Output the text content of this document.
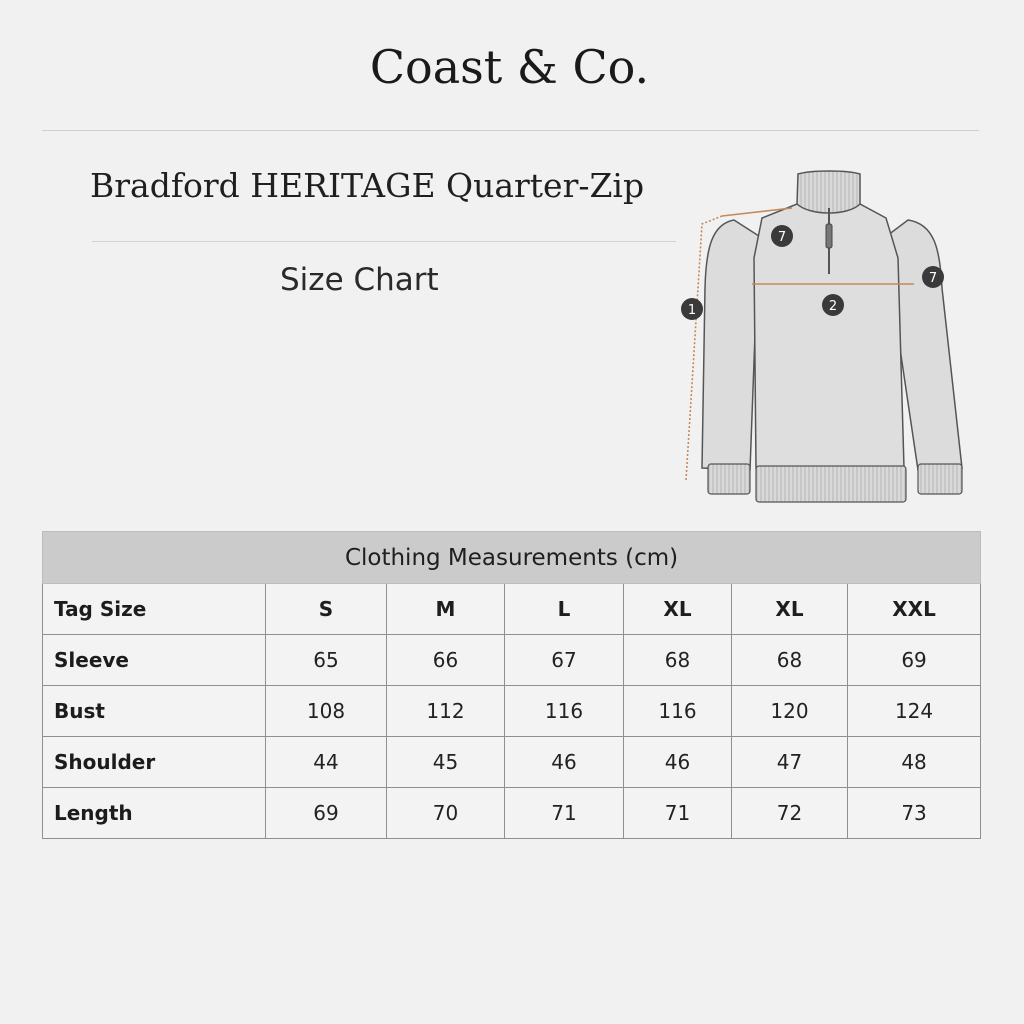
Coast & Co.
Bradford HERITAGE Quarter-Zip
Size Chart
7
7
2
1
Clothing Measurements (cm)						
Tag Size	S	M	L	XL	XL	XXL
Sleeve	65	66	67	68	68	69
Bust	108	112	116	116	120	124
Shoulder	44	45	46	46	47	48
Length	69	70	71	71	72	73
